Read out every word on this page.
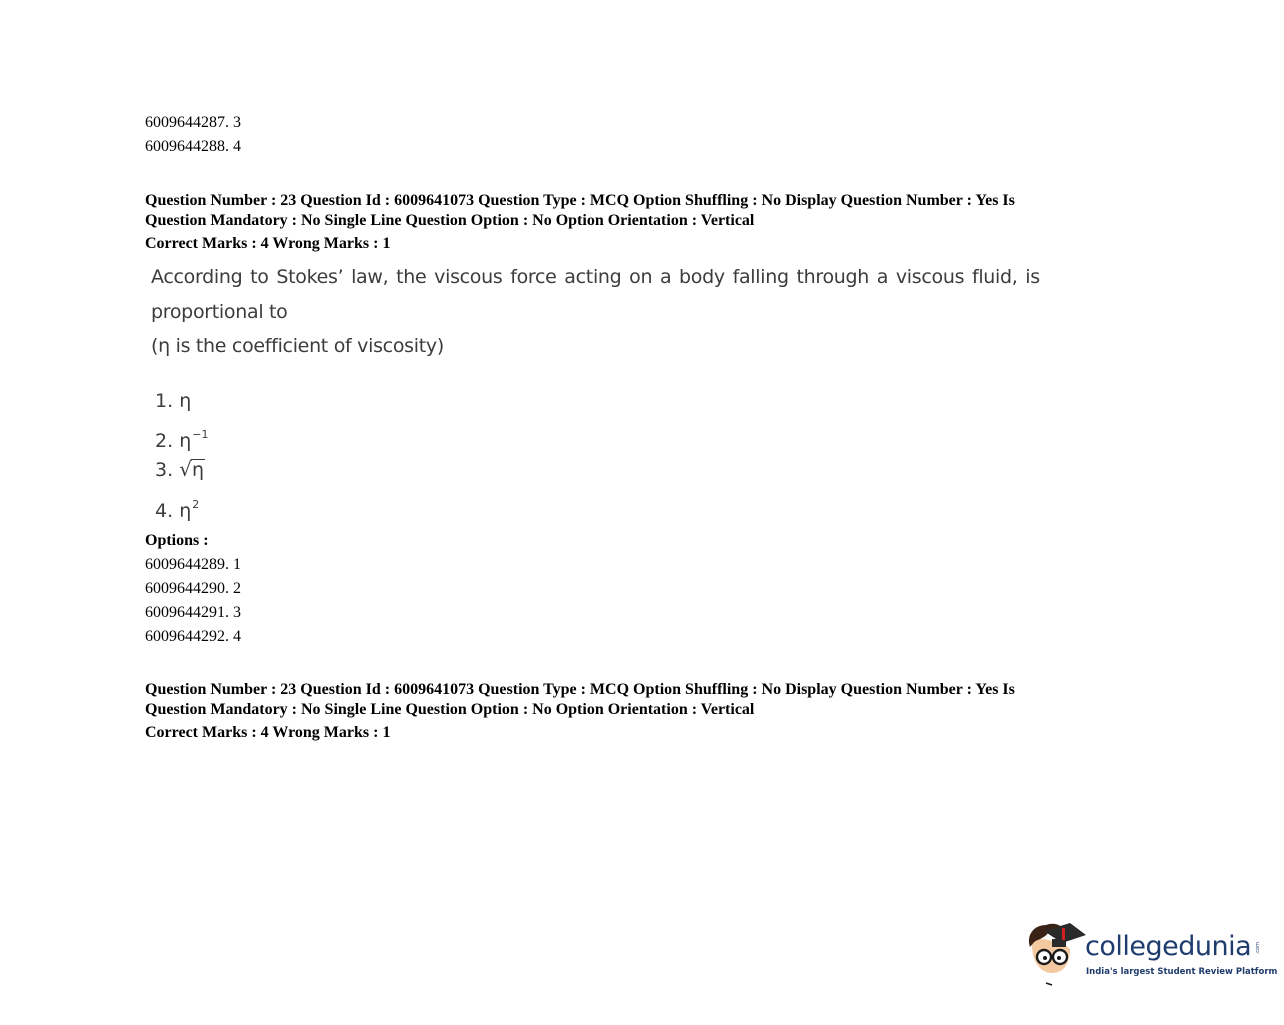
6009644287. 3
6009644288. 4
Question Number : 23 Question Id : 6009641073 Question Type : MCQ Option Shuffling : No Display Question Number : Yes Is
Question Mandatory : No Single Line Question Option : No Option Orientation : Vertical
Correct Marks : 4 Wrong Marks : 1
According to Stokes’ law, the viscous force acting on a body falling through a viscous fluid, is
proportional to
(η is the coefficient of viscosity)
1. η
2. $\eta^{-1}$
3. √η
4. $\eta^2$
Options :
6009644289. 1
6009644290. 2
6009644291. 3
6009644292. 4
Question Number : 23 Question Id : 6009641073 Question Type : MCQ Option Shuffling : No Display Question Number : Yes Is
Question Mandatory : No Single Line Question Option : No Option Orientation : Vertical
Correct Marks : 4 Wrong Marks : 1
collegedunia .com
India's largest Student Review Platform
